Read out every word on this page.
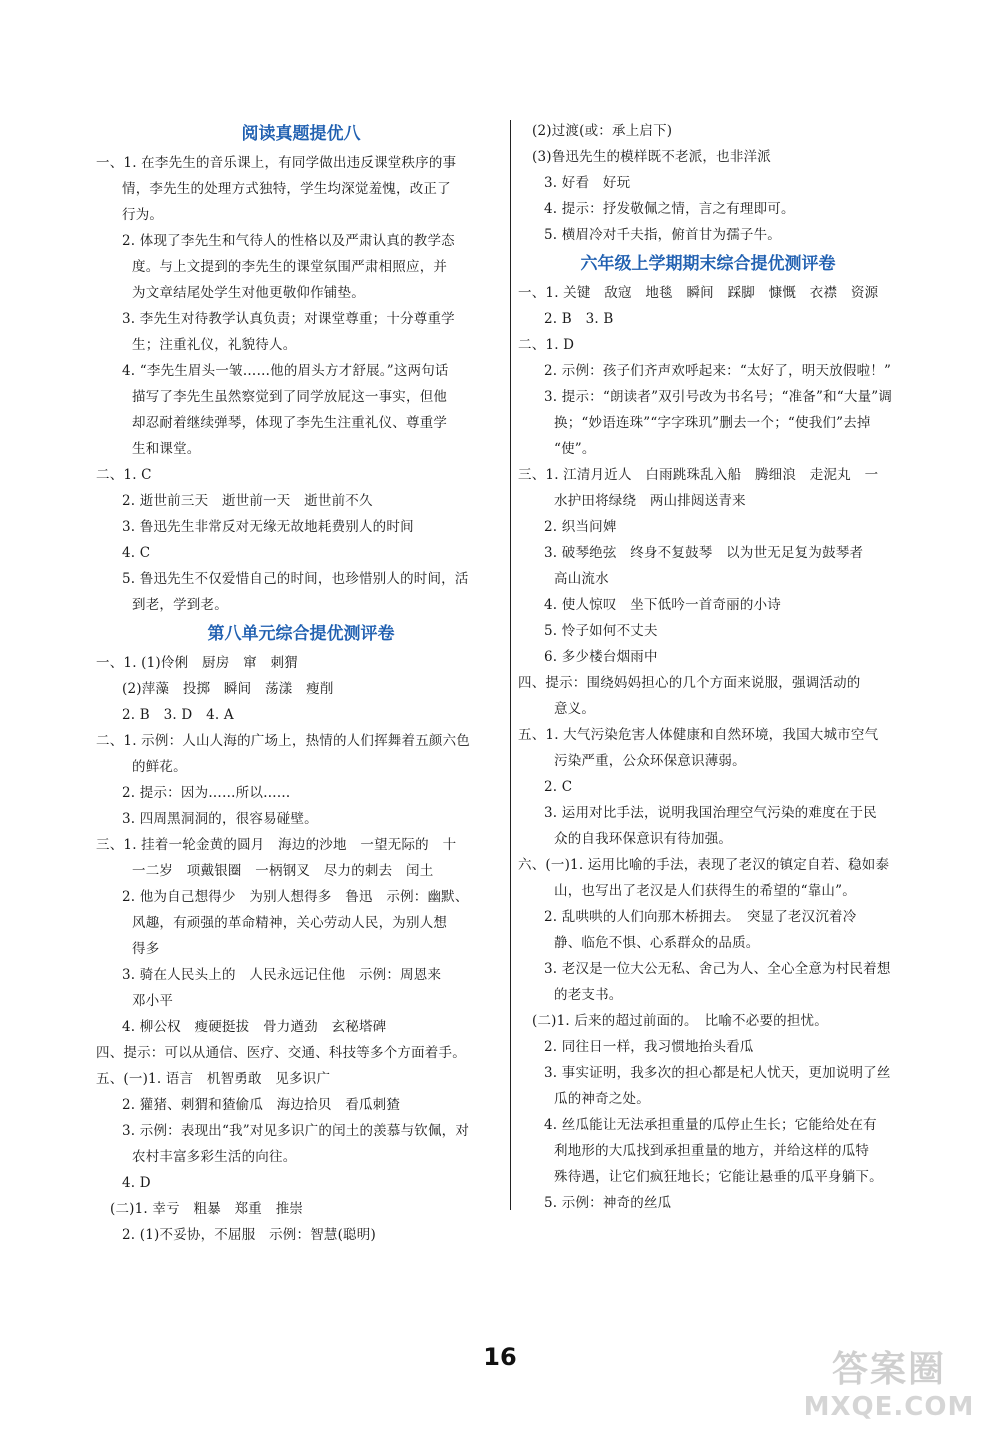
阅读真题提优八
一、1. 在李先生的音乐课上，有同学做出违反课堂秩序的事
情，李先生的处理方式独特，学生均深觉羞愧，改正了
行为。
2. 体现了李先生和气待人的性格以及严肃认真的教学态
度。与上文提到的李先生的课堂氛围严肃相照应，并
为文章结尾处学生对他更敬仰作铺垫。
3. 李先生对待教学认真负责；对课堂尊重；十分尊重学
生；注重礼仪，礼貌待人。
4. “李先生眉头一皱……他的眉头方才舒展。”这两句话
描写了李先生虽然察觉到了同学放屁这一事实，但他
却忍耐着继续弹琴，体现了李先生注重礼仪、尊重学
生和课堂。
二、1. C
2. 逝世前三天　逝世前一天　逝世前不久
3. 鲁迅先生非常反对无缘无故地耗费别人的时间
4. C
5. 鲁迅先生不仅爱惜自己的时间，也珍惜别人的时间，活
到老，学到老。
第八单元综合提优测评卷
一、1. (1)伶俐　厨房　窜　刺猬
(2)萍藻　投掷　瞬间　荡漾　瘦削
2. B　3. D　4. A
二、1. 示例：人山人海的广场上，热情的人们挥舞着五颜六色
的鲜花。
2. 提示：因为……所以……
3. 四周黑洞洞的，很容易碰壁。
三、1. 挂着一轮金黄的圆月　海边的沙地　一望无际的　十
一二岁　项戴银圈　一柄钢叉　尽力的刺去　闰土
2. 他为自己想得少　为别人想得多　鲁迅　示例：幽默、
风趣，有顽强的革命精神，关心劳动人民，为别人想
得多
3. 骑在人民头上的　人民永远记住他　示例：周恩来
邓小平
4. 柳公权　瘦硬挺拔　骨力遒劲　玄秘塔碑
四、提示：可以从通信、医疗、交通、科技等多个方面着手。
五、(一)1. 语言　机智勇敢　见多识广
2. 獾猪、刺猬和猹偷瓜　海边拾贝　看瓜刺猹
3. 示例：表现出“我”对见多识广的闰土的羡慕与钦佩，对
农村丰富多彩生活的向往。
4. D
(二)1. 幸亏　粗暴　郑重　推崇
2. (1)不妥协，不屈服　示例：智慧(聪明)
(2)过渡(或：承上启下)
(3)鲁迅先生的模样既不老派，也非洋派
3. 好看　好玩
4. 提示：抒发敬佩之情，言之有理即可。
5. 横眉冷对千夫指，俯首甘为孺子牛。
六年级上学期期末综合提优测评卷
一、1. 关键　敌寇　地毯　瞬间　踩脚　慷慨　衣襟　资源
2. B　3. B
二、1. D
2. 示例：孩子们齐声欢呼起来：“太好了，明天放假啦！”
3. 提示：“朗读者”双引号改为书名号；“准备”和“大量”调
换；“妙语连珠”“字字珠玑”删去一个；“使我们”去掉
“使”。
三、1. 江清月近人　白雨跳珠乱入船　腾细浪　走泥丸　一
水护田将绿绕　两山排闼送青来
2. 织当问婢
3. 破琴绝弦　终身不复鼓琴　以为世无足复为鼓琴者
高山流水
4. 使人惊叹　坐下低吟一首奇丽的小诗
5. 怜子如何不丈夫
6. 多少楼台烟雨中
四、提示：围绕妈妈担心的几个方面来说服，强调活动的
意义。
五、1. 大气污染危害人体健康和自然环境，我国大城市空气
污染严重，公众环保意识薄弱。
2. C
3. 运用对比手法，说明我国治理空气污染的难度在于民
众的自我环保意识有待加强。
六、(一)1. 运用比喻的手法，表现了老汉的镇定自若、稳如泰
山，也写出了老汉是人们获得生的希望的“靠山”。
2. 乱哄哄的人们向那木桥拥去。　突显了老汉沉着冷
静、临危不惧、心系群众的品质。
3. 老汉是一位大公无私、舍己为人、全心全意为村民着想
的老支书。
(二)1. 后来的超过前面的。　比喻不必要的担忧。
2. 同往日一样，我习惯地抬头看瓜
3. 事实证明，我多次的担心都是杞人忧天，更加说明了丝
瓜的神奇之处。
4. 丝瓜能让无法承担重量的瓜停止生长；它能给处在有
利地形的大瓜找到承担重量的地方，并给这样的瓜特
殊待遇，让它们疯狂地长；它能让悬垂的瓜平身躺下。
5. 示例：神奇的丝瓜
16	答案圈
MXQE.COM
